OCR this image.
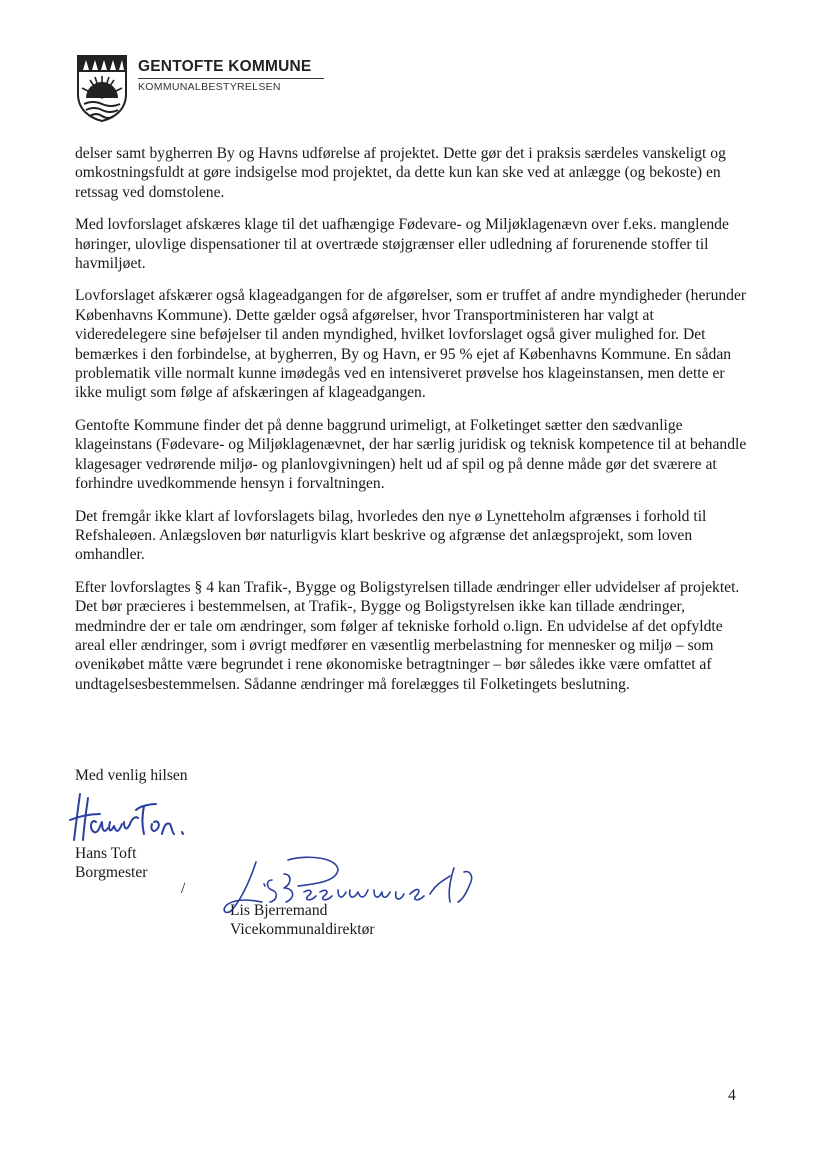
GENTOFTE KOMMUNE
KOMMUNALBESTYRELSEN

delser samt bygherren By og Havns udførelse af projektet. Dette gør det i praksis særdeles vanskeligt og omkostningsfuldt at gøre indsigelse mod projektet, da dette kun kan ske ved at anlægge (og bekoste) en retssag ved domstolene.

Med lovforslaget afskæres klage til det uafhængige Fødevare- og Miljøklagenævn over f.eks. manglende høringer, ulovlige dispensationer til at overtræde støjgrænser eller udledning af forurenende stoffer til havmiljøet.

Lovforslaget afskærer også klageadgangen for de afgørelser, som er truffet af andre myndigheder (herunder Københavns Kommune). Dette gælder også afgørelser, hvor Transportministeren har valgt at videredelegere sine beføjelser til anden myndighed, hvilket lovforslaget også giver mulighed for. Det bemærkes i den forbindelse, at bygherren, By og Havn, er 95 % ejet af Københavns Kommune. En sådan problematik ville normalt kunne imødegås ved en intensiveret prøvelse hos klageinstansen, men dette er ikke muligt som følge af afskæringen af klageadgangen.

Gentofte Kommune finder det på denne baggrund urimeligt, at Folketinget sætter den sædvanlige klageinstans (Fødevare- og Miljøklagenævnet, der har særlig juridisk og teknisk kompetence til at behandle klagesager vedrørende miljø- og planlovgivningen) helt ud af spil og på denne måde gør det sværere at forhindre uvedkommende hensyn i forvaltningen.

Det fremgår ikke klart af lovforslagets bilag, hvorledes den nye ø Lynetteholm afgrænses i forhold til Refshaleøen. Anlægsloven bør naturligvis klart beskrive og afgrænse det anlægsprojekt, som loven omhandler.

Efter lovforslagtes § 4 kan Trafik-, Bygge og Boligstyrelsen tillade ændringer eller udvidelser af projektet. Det bør præcieres i bestemmelsen, at Trafik-, Bygge og Boligstyrelsen ikke kan tillade ændringer, medmindre der er tale om ændringer, som følger af tekniske forhold o.lign. En udvidelse af det opfyldte areal eller ændringer, som i øvrigt medfører en væsentlig merbelastning for mennesker og miljø – som ovenikøbet måtte være begrundet i rene økonomiske betragtninger – bør således ikke være omfattet af undtagelsesbestemmelsen. Sådanne ændringer må forelægges til Folketingets beslutning.

Med venlig hilsen
Hans Toft
Borgmester
/
Lis Bjerremand
Vicekommunaldirektør
4
